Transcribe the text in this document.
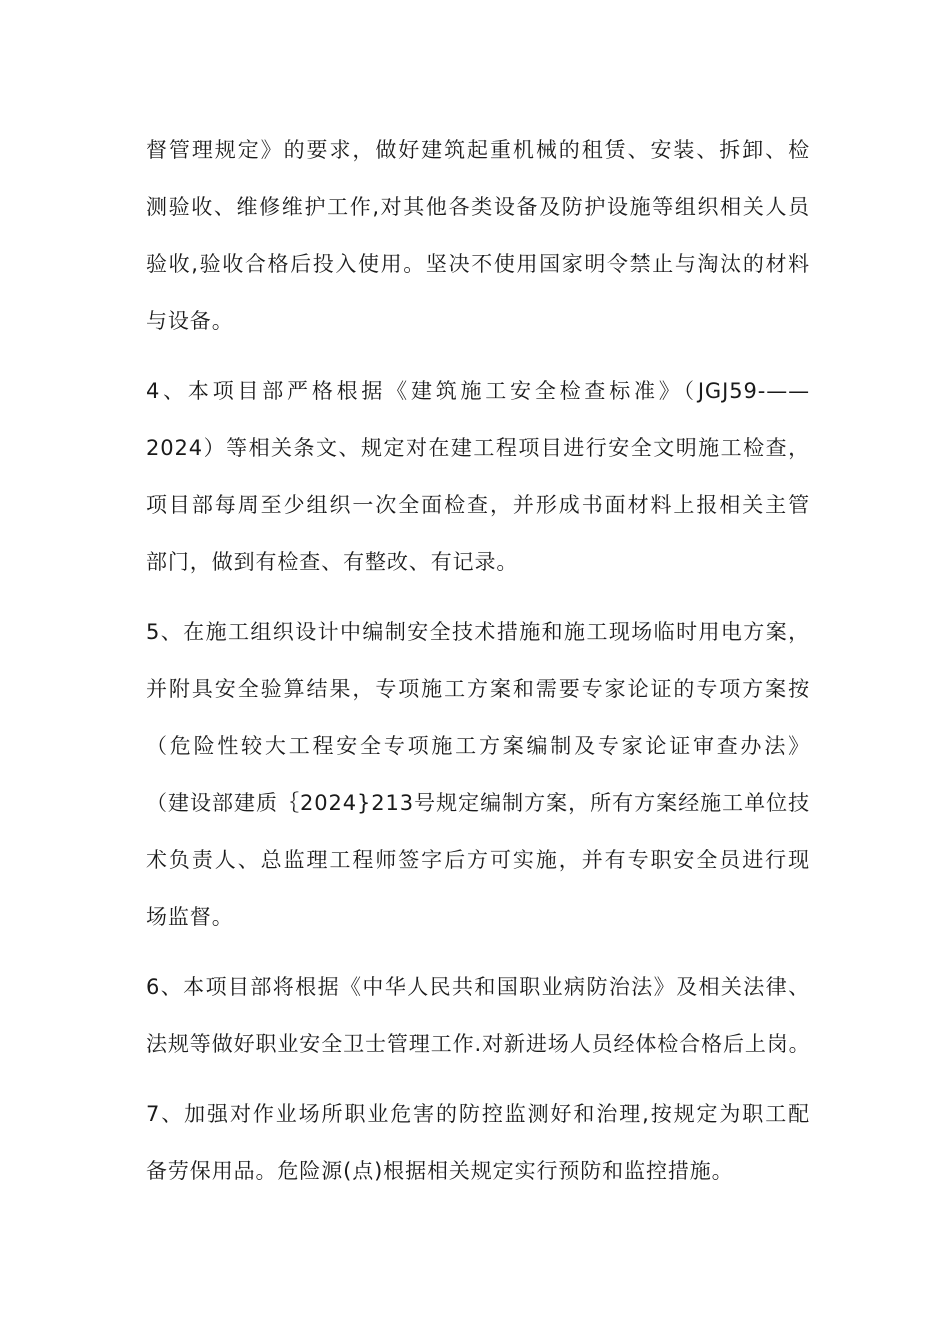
督管理规定》的要求，做好建筑起重机械的租赁、安装、拆卸、检
测验收、维修维护工作,对其他各类设备及防护设施等组织相关人员
验收,验收合格后投入使用。坚决不使用国家明令禁止与淘汰的材料
与设备。
4、本项目部严格根据《建筑施工安全检查标准》（JGJ59-——
2024）等相关条文、规定对在建工程项目进行安全文明施工检查，
项目部每周至少组织一次全面检查，并形成书面材料上报相关主管
部门，做到有检查、有整改、有记录。
5、在施工组织设计中编制安全技术措施和施工现场临时用电方案，
并附具安全验算结果，专项施工方案和需要专家论证的专项方案按
（危险性较大工程安全专项施工方案编制及专家论证审查办法》
（建设部建质｛2024}213号规定编制方案，所有方案经施工单位技
术负责人、总监理工程师签字后方可实施，并有专职安全员进行现
场监督。
6、本项目部将根据《中华人民共和国职业病防治法》及相关法律、
法规等做好职业安全卫士管理工作.对新进场人员经体检合格后上岗。
7、加强对作业场所职业危害的防控监测好和治理,按规定为职工配
备劳保用品。危险源(点)根据相关规定实行预防和监控措施。
